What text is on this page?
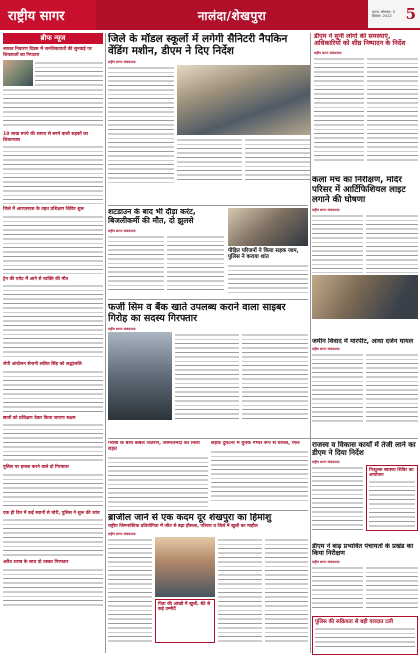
राष्ट्रीय सागर	नालंदा/शेखपुरा	पटना, सोमवार, 5 दिसंबर, 2022 5
ब्रीफ न्यूज
शकात निवारण दिवस में जनशिकायतों की सुनवाई पर शिकायतों का निपटारा
10 लाख रुपये की लागत से बनने वाली सड़कों का शिलान्यास
जिले में आरएसएस के तहत प्रशिक्षण शिविर शुरू
ट्रेन की चपेट में आने से व्यक्ति की मौत
जेपी आंदोलन सेनानी ललित सिंह को श्रद्धांजलि
छात्रों को प्रशिक्षण देकर किया जाएगा सक्षम
पुलिस पर हमला करने वाले दो गिरफ्तार
एक ही दिन में कई स्थानों से चोरी, पुलिस ने शुरू की जांच
अवैध शराब के साथ दो तस्कर गिरफ्तार
जिले के मॉडल स्कूलों में लगेगी सैनिटरी नैपकिन वेंडिंग मशीन, डीएम ने दिए निर्देश
राष्ट्रीय सागर संवाददाता
डीएम ने सुनी लोगों की समस्याएं, अधिकारियों को शीघ्र निष्पादन के निर्देश
राष्ट्रीय सागर संवाददाता
शटडाउन के बाद भी दौड़ा करंट, बिजलीकर्मी की मौत, दो झुलसे
राष्ट्रीय सागर संवाददाता
पीड़ित परिजनों ने किया सड़क जाम, पुलिस ने कराया शांत
कला मंच का निरीक्षण, मंदिर परिसर में आर्टिफिशियल लाइट लगाने की घोषणा
राष्ट्रीय सागर संवाददाता
फर्जी सिम व बैंक खाते उपलब्ध कराने वाला साइबर गिरोह का सदस्य गिरफ्तार
राष्ट्रीय सागर संवाददाता
जमीन विवाद में मारपीट, आधा दर्जन घायल
राष्ट्रीय सागर संवाददाता
गरीबों के बीच कंबल वितरण, जरूरतमंदों को मिली राहत
सड़क दुर्घटना में युवक गंभीर रूप से घायल, रेफर	राजस्व व विकास कार्यों में तेजी लाने का डीएम ने दिया निर्देश
राष्ट्रीय सागर संवाददाता
निःशुल्क स्वास्थ्य शिविर का आयोजन
ब्राजील जाने से एक कदम दूर शेखपुरा का हिमांशु
राष्ट्रीय जिमनास्टिक प्रतियोगिता में जीत से बढ़ा हौसला, परिवार व जिले में खुशी का माहौल
राष्ट्रीय सागर संवाददाता
पिता की आंखों में खुशी, बेटे से कई उम्मीदें
डीएम ने बाढ़ प्रभावित पंचायतों के प्रखंड का किया निरीक्षण
राष्ट्रीय सागर संवाददाता
पुलिस की सक्रियता से बड़ी वारदात टली
